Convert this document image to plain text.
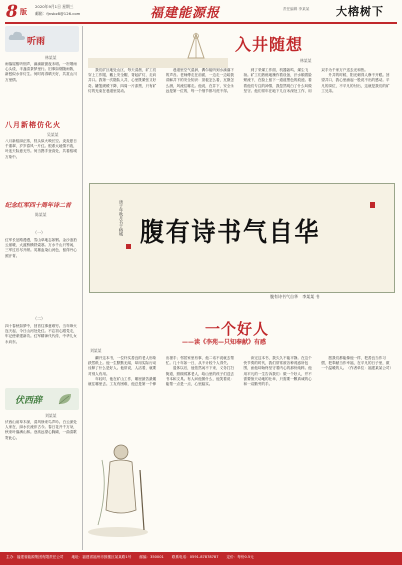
8 版
2020年9月1日 星期三
邮箱：fjnsbz8@126.com	福建能源报	责任编辑 李某某 大榕树下
听雨
林某某
雨落屋檐听细声，滴滴敲窗夜未明。一帘烟雨心头绕，半盏清茶梦里行。旧事如烟随雨散，新愁似水伴灯生。何时再得晴天好，共赏山川万里情。
八月新榕仿化火
吴某某
八月新榕绿正浓，枝头似火映长空。炎炎夏日千重翠，岁岁春风一片红。根系大地情不改，叶连天际意无穷。何当携手登高处，共看榕城万象中。
纪念红军四十周年诗二首
陈某某
（一）
红军长征路漫漫，雪山草地志如钢。金沙浪拍云崖暖，大渡桥横铁索寒。万水千山只等闲，三军过后尽开颜。英雄血染山河色，留得丹心照汗青。
（二）
四十春秋如梦中，回首往事意难穷。当年烽火连天起，今日山河处处红。不忘初心跟党走，牢记使命建新功。红军精神代代传，中华儿女永向东。
伏西辞
刘某某
伏西山前草木深，清风徐来鸟声吟。白云深处人家在，绿水长流伴古今。春日花开千万朵，秋来叶落满山林。登高远望心胸阔，一曲清歌寄此心。
入井随想
林某某
　　我们矿区地处山区，每天清晨，矿工们穿上工作服，戴上安全帽，背起矿灯，走向井口。我第一次随队入井，心里既紧张又好奇。罐笼缓缓下降，四周一片漆黑，只有矿灯的光束在巷道里晃动。
　　巷道里空气湿润，偶尔能听到水滴落下的声音。老师傅走在前面，一边走一边给我讲解井下的安全知识：顶板怎么看，瓦斯怎么测，风流往哪走。他说，在井下，安全永远是第一位的，每一个细节都马虎不得。
　　到了采煤工作面，机器轰鸣，煤尘飞扬。矿工们熟练地操作着设备，汗水顺着脸颊流下，在脸上留下一道道黑色的痕迹。看着他们专注的神情，我忽然明白了什么叫做坚守。他们常年在地下几百米深处工作，用双手为千家万户送去光和热。
　　升井的时候，阳光刺得人睁不开眼。回望井口，我心里涌起一股说不出的感动。平凡的岗位，不平凡的付出，这就是我们的矿工兄弟。
腹有诗书气自华
庚子年秋月书于榕城
腹有诗书气自华 李某某 书
一个好人
——读《李苑—只知奉献》有感
刘某某
　　翻开这本书，一位朴实善良的老人形象跃然纸上。他一生默默无闻，却用实际行动诠释了什么是好人。他常说，人活着，就要对别人有用。
　　年轻时，他在矿山工作，哪里最苦最累就往哪里去。工友有困难，他总是第一个伸出援手；邻居家里有事，他二话不说就去帮忙。几十年如一日，从不计较个人得失。
　　退休以后，他依然闲不下来，义务打扫街道，照顾孤寡老人，给山里的孩子们送去书本和文具。有人问他图什么，他笑着说：能帮一点是一点，心里踏实。
　　读完这本书，我久久不能平静。在这个快节奏的时代，我们常常被各种诱惑所包围，而他却始终坚守着内心的那份纯粹。他用平凡的一生告诉我们：做一个好人，并不需要惊天动地的壮举，只需要一颗真诚的心和一双勤劳的手。
　　愿我们都能像他一样，把善良当作习惯，把奉献当作幸福，在平凡的日子里，做一个温暖的人。（作者单位：福建某某公司）
主办：福建省能源集团有限责任公司 地址：福建省福州市鼓楼区某某路1号 邮编：350001 联系电话：0591-87878787 定价：每份0.5元
